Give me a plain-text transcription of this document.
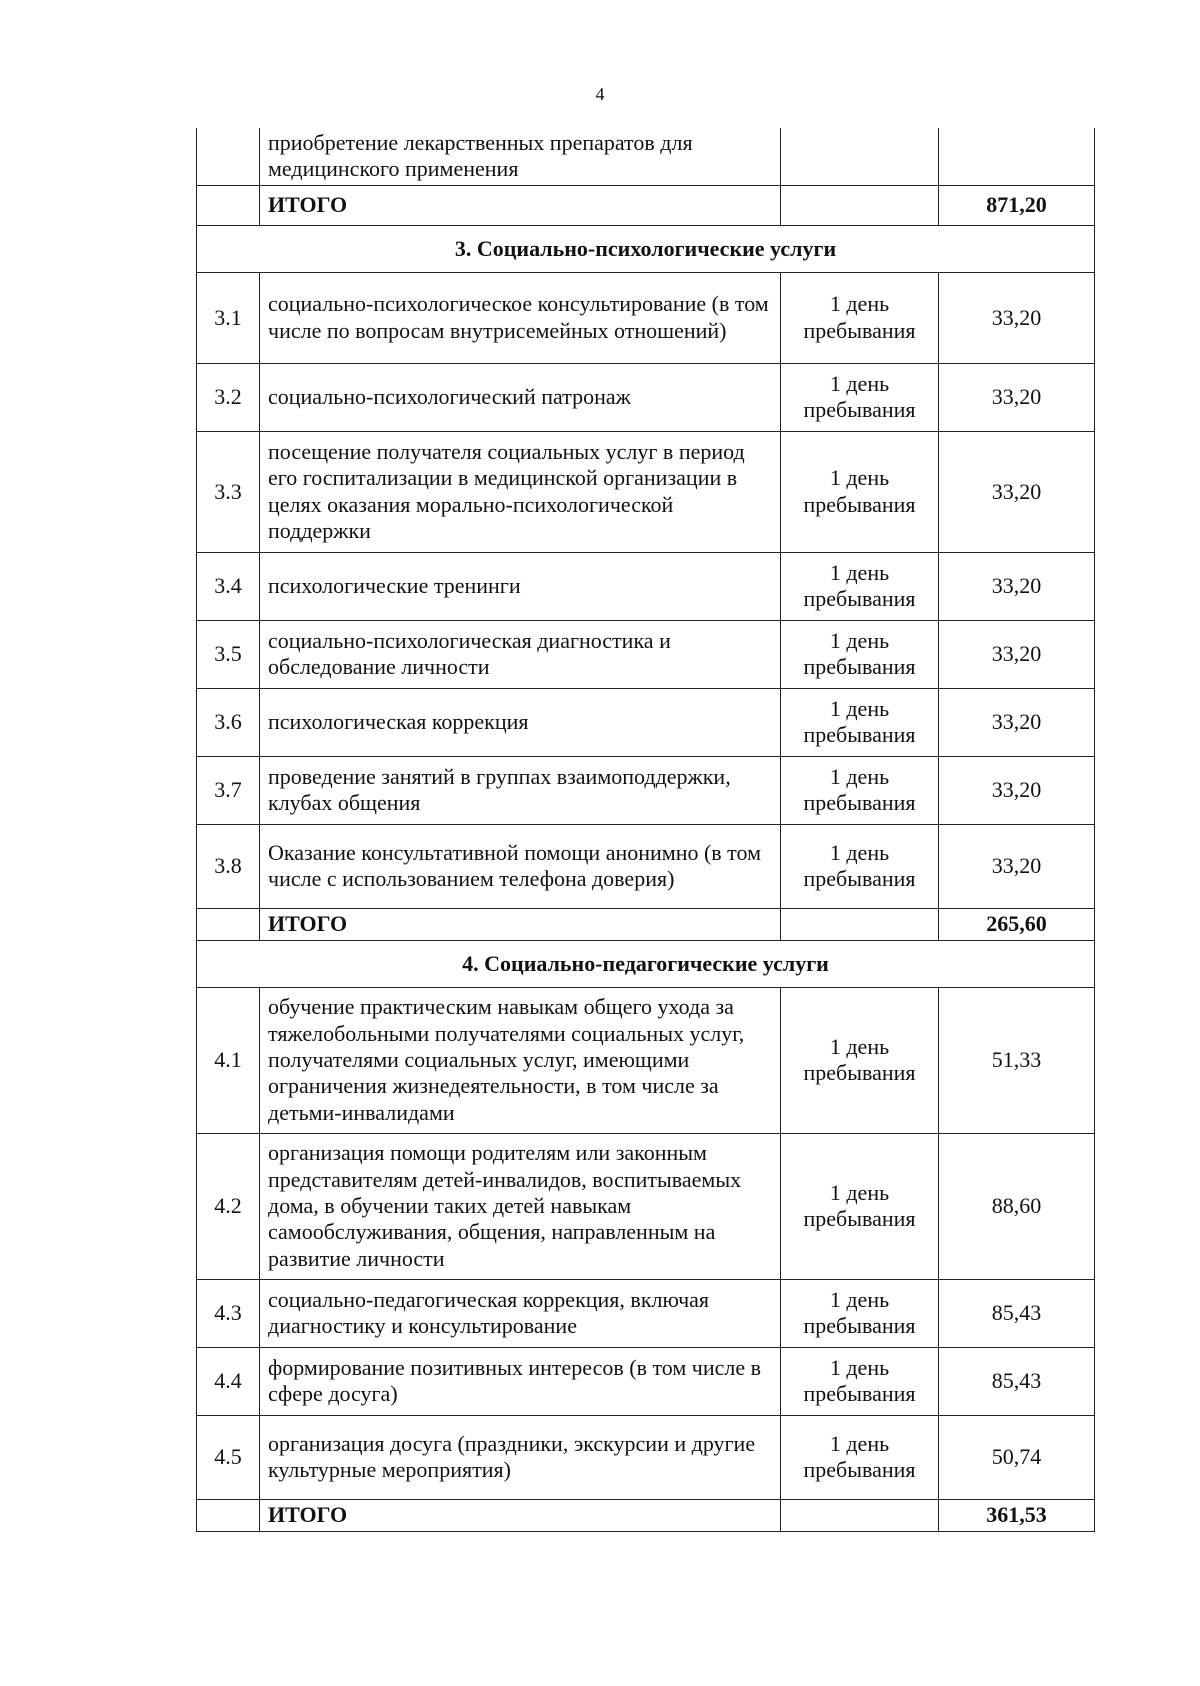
4
	приобретение лекарственных препаратов для медицинского применения		
	ИТОГО		871,20
3. Социально-психологические услуги			
3.1	социально-психологическое консультирование (в том числе по вопросам внутрисемейных отношений)	1 день пребывания	33,20
3.2	социально-психологический патронаж	1 день пребывания	33,20
3.3	посещение получателя социальных услуг в период его госпитализации в медицинской организации в целях оказания морально-психологической поддержки	1 день пребывания	33,20
3.4	психологические тренинги	1 день пребывания	33,20
3.5	социально-психологическая диагностика и обследование личности	1 день пребывания	33,20
3.6	психологическая коррекция	1 день пребывания	33,20
3.7	проведение занятий в группах взаимоподдержки, клубах общения	1 день пребывания	33,20
3.8	Оказание консультативной помощи анонимно (в том числе с использованием телефона доверия)	1 день пребывания	33,20
	ИТОГО		265,60
4. Социально-педагогические услуги			
4.1	обучение практическим навыкам общего ухода за тяжелобольными получателями социальных услуг, получателями социальных услуг, имеющими ограничения жизнедеятельности, в том числе за детьми-инвалидами	1 день пребывания	51,33
4.2	организация помощи родителям или законным представителям детей-инвалидов, воспитываемых дома, в обучении таких детей навыкам самообслуживания, общения, направленным на развитие личности	1 день пребывания	88,60
4.3	социально-педагогическая коррекция, включая диагностику и консультирование	1 день пребывания	85,43
4.4	формирование позитивных интересов (в том числе в сфере досуга)	1 день пребывания	85,43
4.5	организация досуга (праздники, экскурсии и другие культурные мероприятия)	1 день пребывания	50,74
	ИТОГО		361,53
